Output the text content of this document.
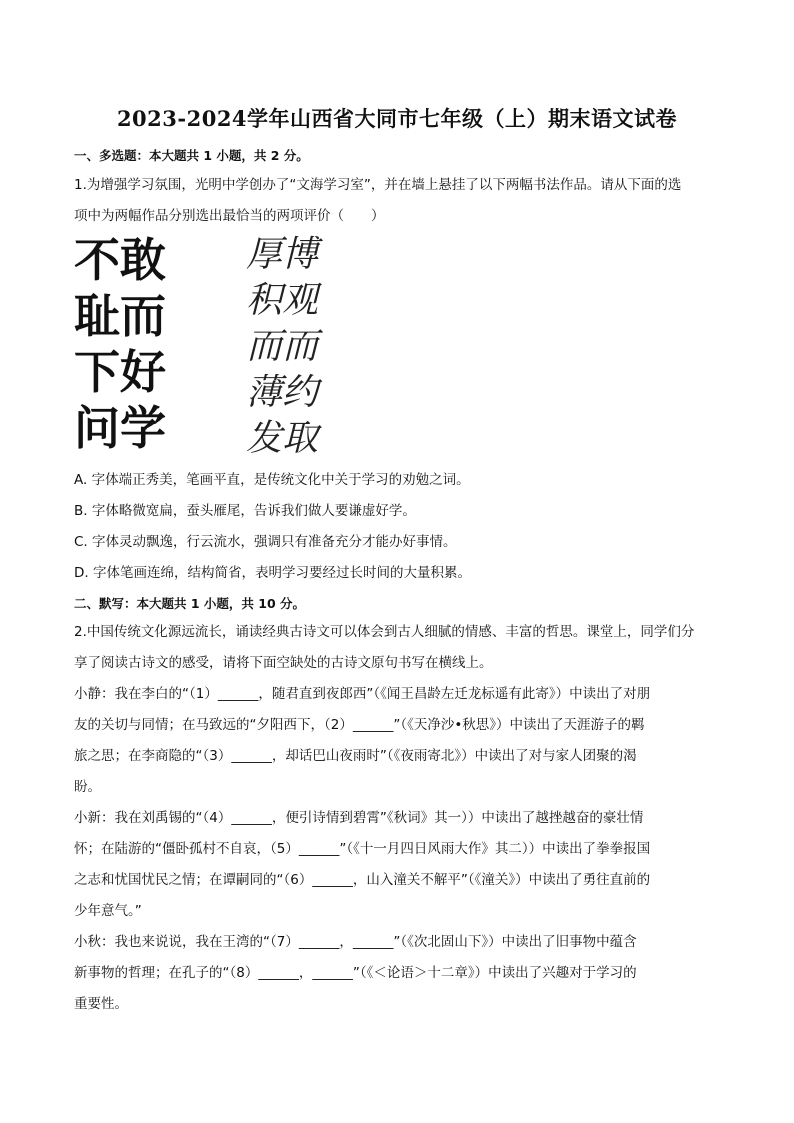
2023-2024学年山西省大同市七年级（上）期末语文试卷
一、多选题：本大题共 1 小题，共 2 分。

1.为增强学习氛围，光明中学创办了“文海学习室”，并在墙上悬挂了以下两幅书法作品。请从下面的选

项中为两幅作品分别选出最恰当的两项评价（　　）

不敢
耻而
下好
问学
厚博
积观
而而
薄约
发取
A. 字体端正秀美，笔画平直，是传统文化中关于学习的劝勉之词。
B. 字体略微宽扁，蚕头雁尾，告诉我们做人要谦虚好学。
C. 字体灵动飘逸，行云流水，强调只有准备充分才能办好事情。
D. 字体笔画连绵，结构简省，表明学习要经过长时间的大量积累。
二、默写：本大题共 1 小题，共 10 分。

2.中国传统文化源远流长，诵读经典古诗文可以体会到古人细腻的情感、丰富的哲思。课堂上，同学们分

享了阅读古诗文的感受，请将下面空缺处的古诗文原句书写在横线上。

小静：我在李白的“（1）______，随君直到夜郎西”（《闻王昌龄左迁龙标遥有此寄》）中读出了对朋

友的关切与同情；在马致远的“夕阳西下，（2）______”（《天净沙•秋思》）中读出了天涯游子的羁

旅之思；在李商隐的“（3）______，却话巴山夜雨时”（《夜雨寄北》）中读出了对与家人团聚的渴

盼。

小新：我在刘禹锡的“（4）______，便引诗情到碧霄”《秋词》其一））中读出了越挫越奋的豪壮情

怀；在陆游的“僵卧孤村不自哀，（5）______”（《十一月四日风雨大作》其二））中读出了拳拳报国

之志和忧国忧民之情；在谭嗣同的“（6）______，山入潼关不解平”（《潼关》）中读出了勇往直前的

少年意气。”

小秋：我也来说说，我在王湾的“（7）______，______”（《次北固山下》）中读出了旧事物中蕴含

新事物的哲理；在孔子的“（8）______，______”（《＜论语＞十二章》）中读出了兴趣对于学习的

重要性。
